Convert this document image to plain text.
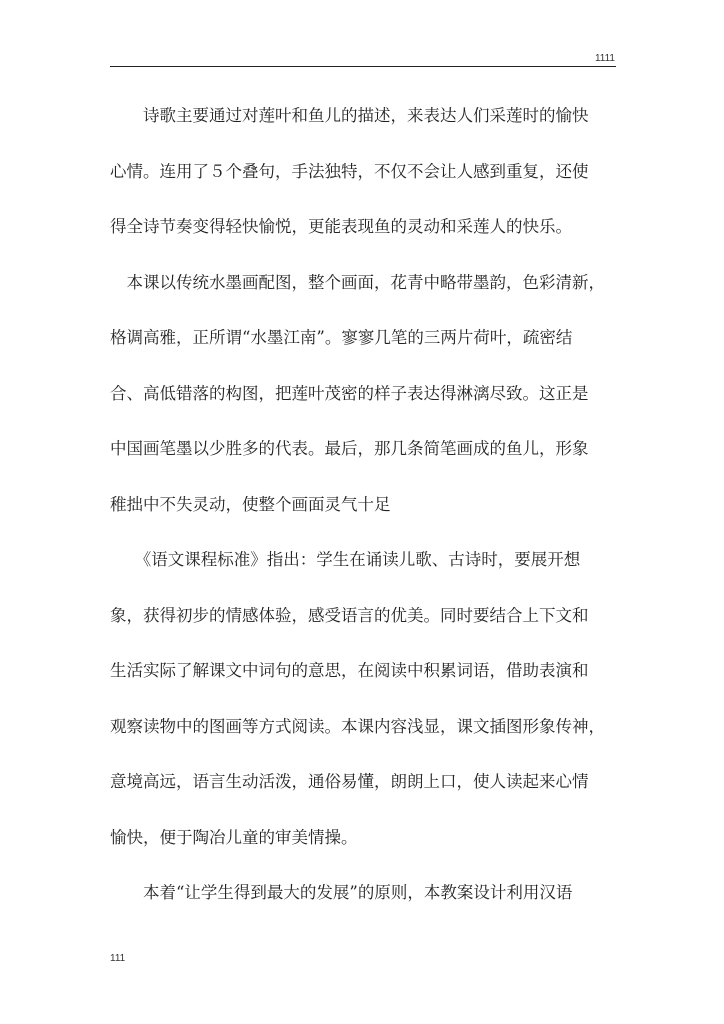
1111

　　诗歌主要通过对莲叶和鱼儿的描述，来表达人们采莲时的愉快

心情。连用了５个叠句，手法独特，不仅不会让人感到重复，还使

得全诗节奏变得轻快愉悦，更能表现鱼的灵动和采莲人的快乐。

　本课以传统水墨画配图，整个画面，花青中略带墨韵，色彩清新，

格调高雅，正所谓“水墨江南”。寥寥几笔的三两片荷叶，疏密结

合、高低错落的构图，把莲叶茂密的样子表达得淋漓尽致。这正是

中国画笔墨以少胜多的代表。最后，那几条简笔画成的鱼儿，形象

稚拙中不失灵动，使整个画面灵气十足

　　《语文课程标准》指出：学生在诵读儿歌、古诗时，要展开想

象，获得初步的情感体验，感受语言的优美。同时要结合上下文和

生活实际了解课文中词句的意思，在阅读中积累词语，借助表演和

观察读物中的图画等方式阅读。本课内容浅显，课文插图形象传神，

意境高远，语言生动活泼，通俗易懂，朗朗上口，使人读起来心情

愉快，便于陶冶儿童的审美情操。

　　本着“让学生得到最大的发展”的原则，本教案设计利用汉语

111
